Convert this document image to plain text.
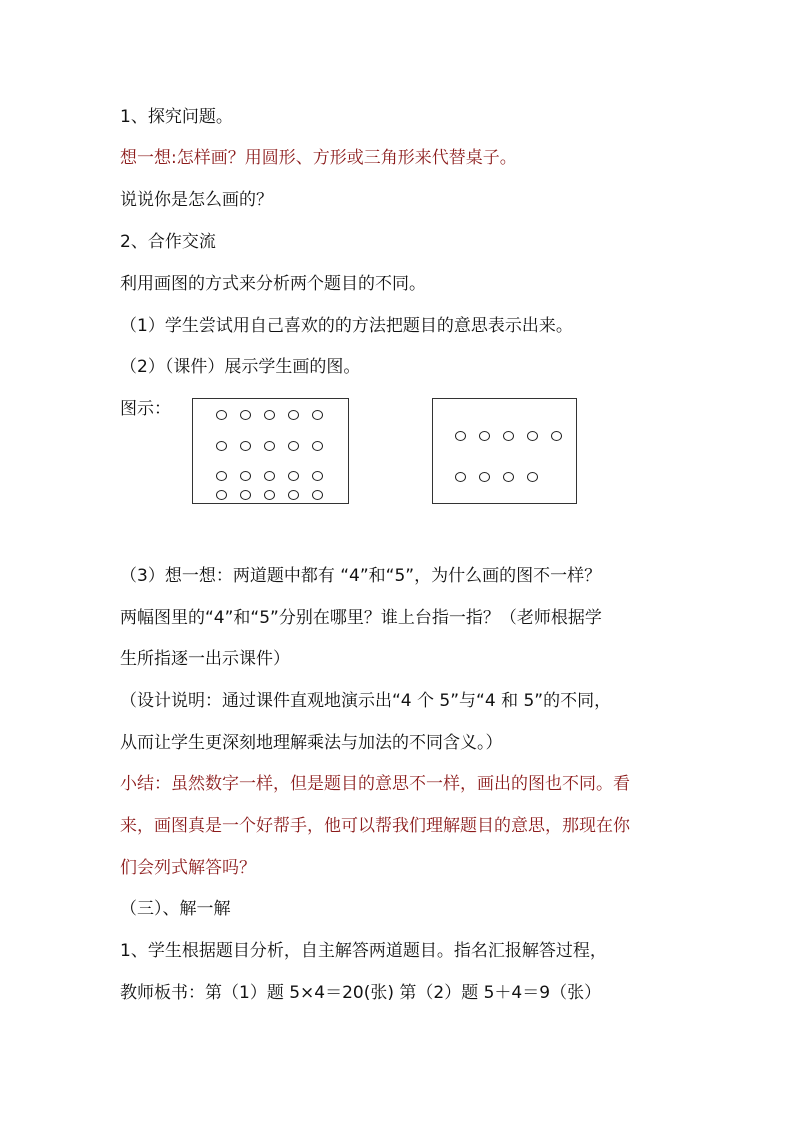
1、探究问题。
想一想:怎样画？用圆形、方形或三角形来代替桌子。
说说你是怎么画的？
2、合作交流
利用画图的方式来分析两个题目的不同。
（1）学生尝试用自己喜欢的的方法把题目的意思表示出来。
（2）（课件）展示学生画的图。
图示：
（3）想一想：两道题中都有 “4”和“5”，为什么画的图不一样？
两幅图里的“4”和“5”分别在哪里？谁上台指一指？（老师根据学
生所指逐一出示课件）
（设计说明：通过课件直观地演示出“4 个 5”与“4 和 5”的不同，
从而让学生更深刻地理解乘法与加法的不同含义。）
小结：虽然数字一样，但是题目的意思不一样，画出的图也不同。看
来，画图真是一个好帮手，他可以帮我们理解题目的意思，那现在你
们会列式解答吗？
（三）、解一解
1、学生根据题目分析，自主解答两道题目。指名汇报解答过程，
教师板书：第（1）题 5×4＝20(张) 第（2）题 5＋4＝9（张）
